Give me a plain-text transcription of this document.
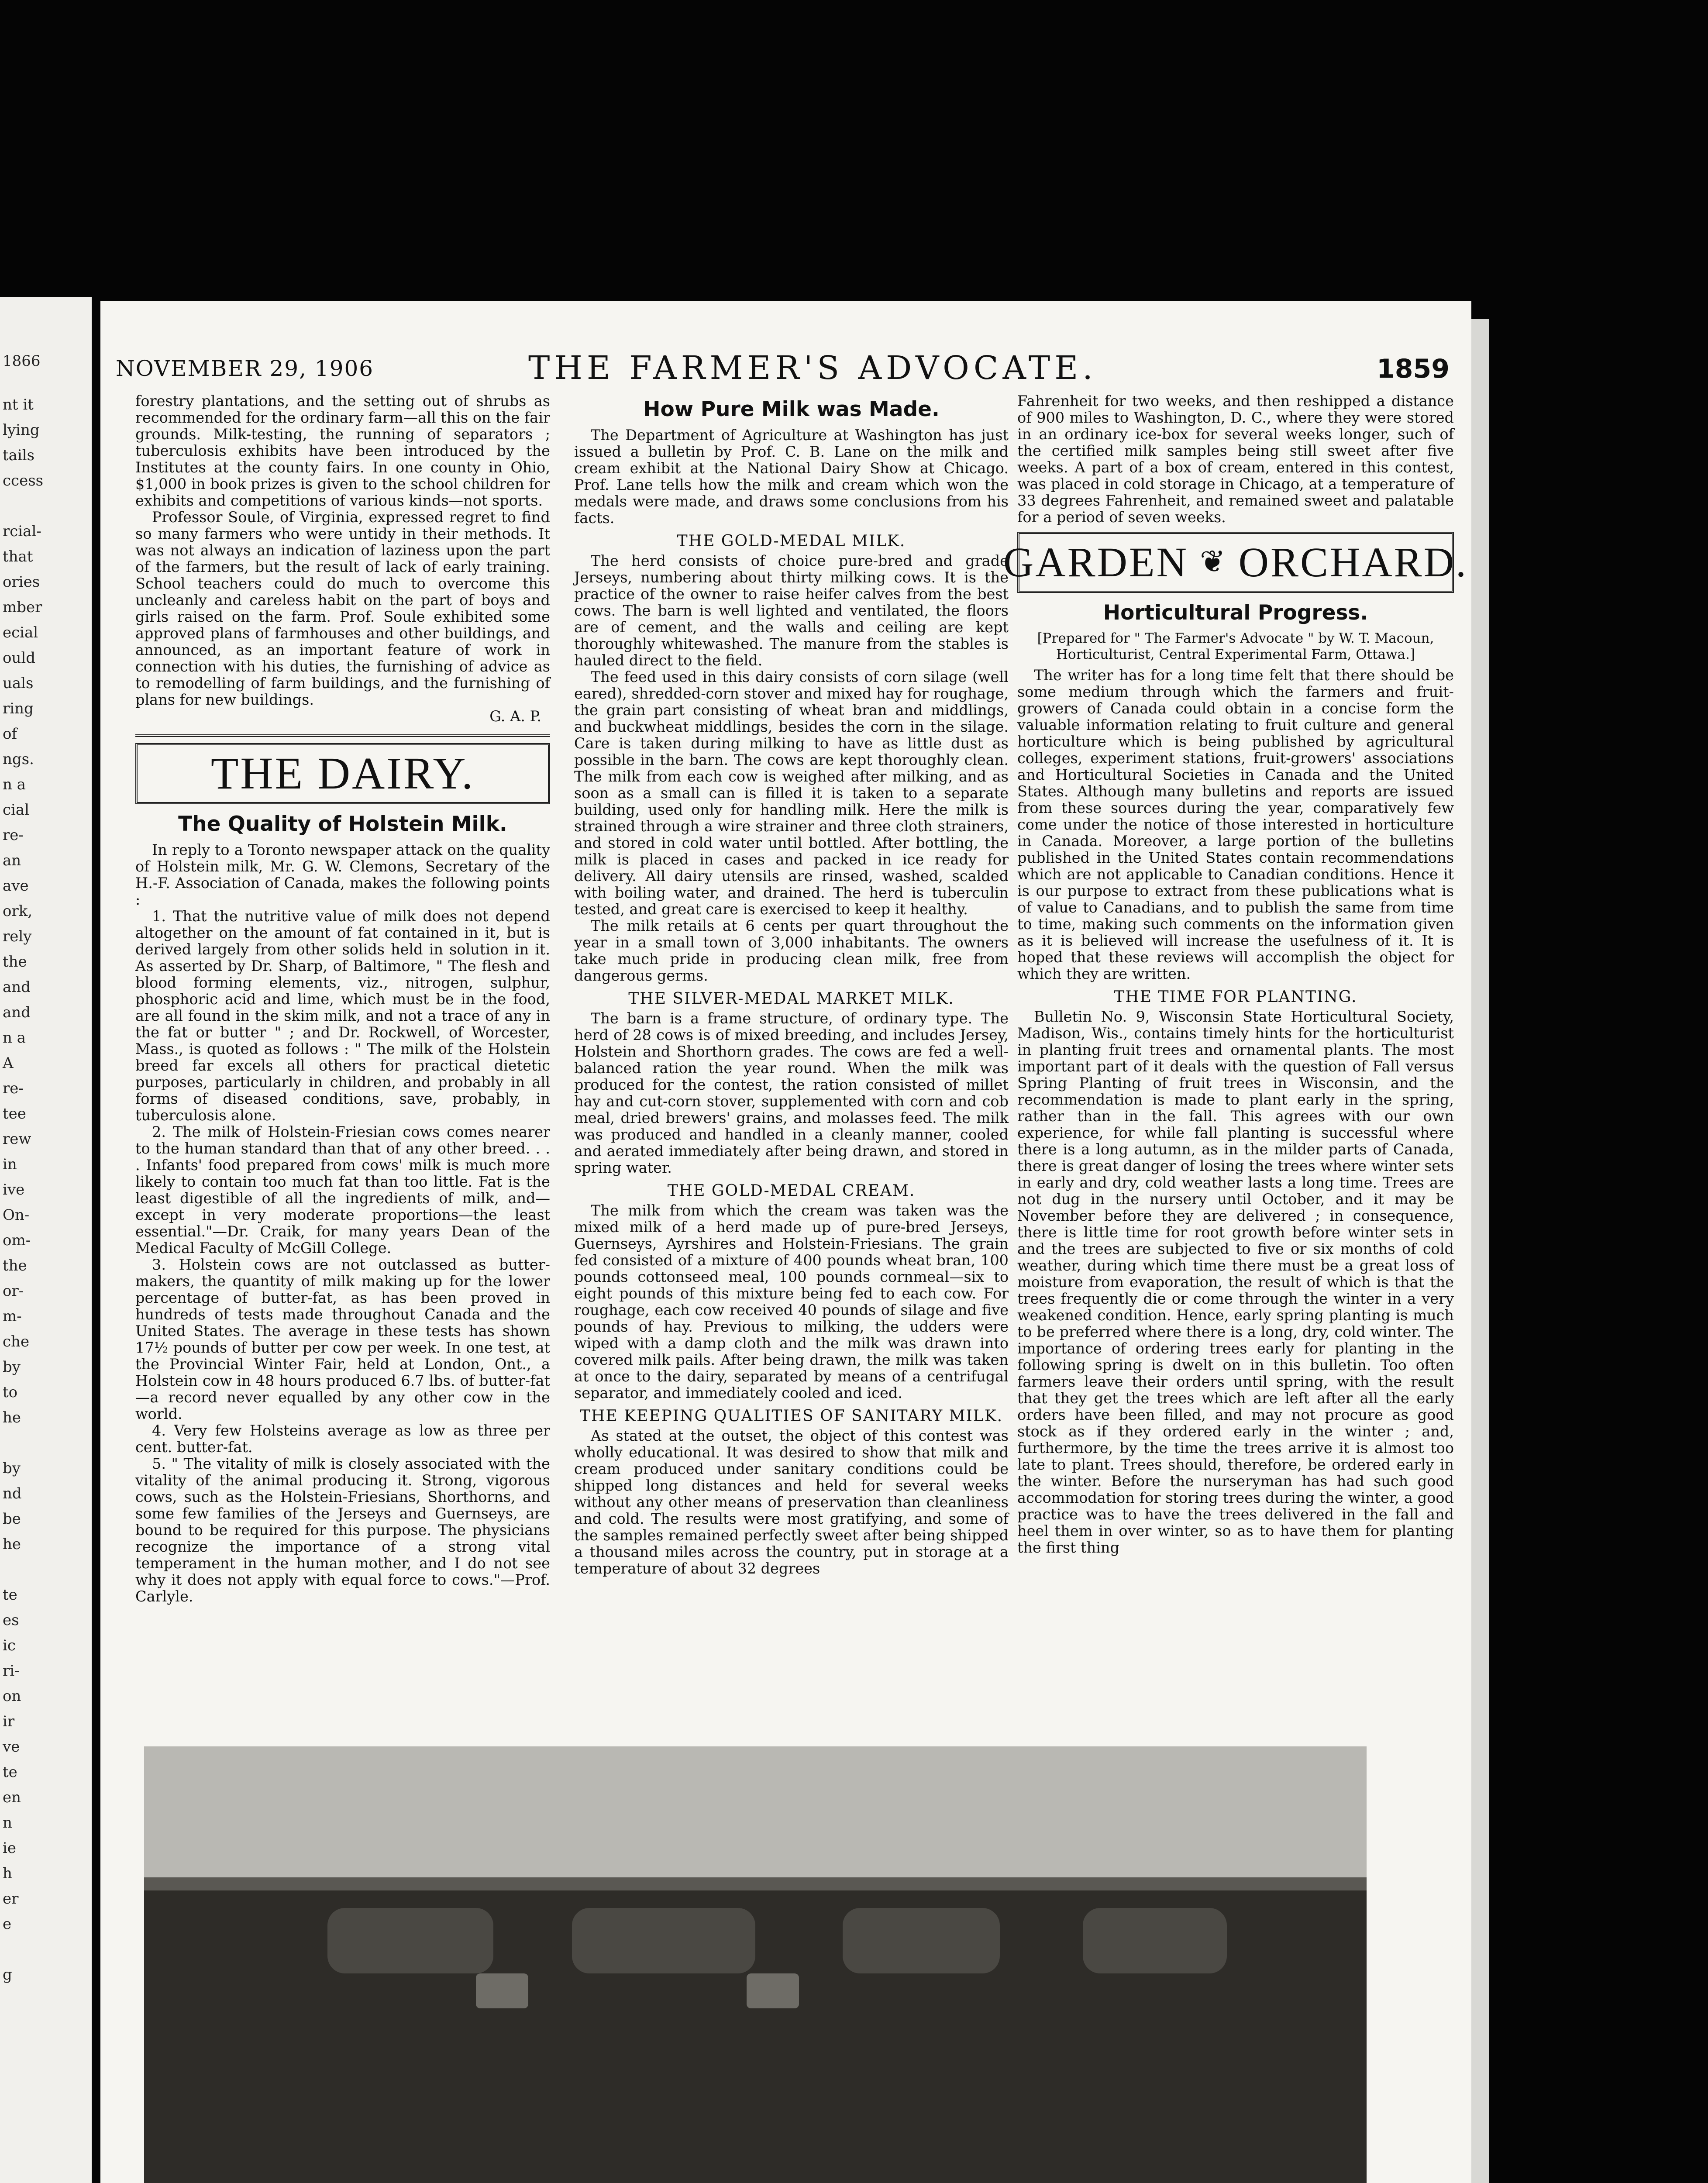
1866
nt it
lying
tails
ccess
rcial-
that
ories
mber
ecial
ould
uals
ring
of
ngs.
n a
cial
re-
an
ave
ork,
rely
the
and
and
n a
A
re-
tee
rew
in
ive
On-
om-
the
or-
m-
che
by
to
he
by
nd
be
he
te
es
ic
ri-
on
ir
ve
te
en
n
ie
h
er
e
g
NOVEMBER 29, 1906	THE FARMER'S ADVOCATE.	1859

forestry plantations, and the setting out of shrubs as recommended for the ordinary farm—all this on the fair grounds. Milk-testing, the running of separators ; tuberculosis exhibits have been introduced by the Institutes at the county fairs. In one county in Ohio, $1,000 in book prizes is given to the school children for exhibits and competitions of various kinds—not sports.

Professor Soule, of Virginia, expressed regret to find so many farmers who were untidy in their methods. It was not always an indication of laziness upon the part of the farmers, but the result of lack of early training. School teachers could do much to overcome this uncleanly and careless habit on the part of boys and girls raised on the farm. Prof. Soule exhibited some approved plans of farmhouses and other buildings, and announced, as an important feature of work in connection with his duties, the furnishing of advice as to remodelling of farm buildings, and the furnishing of plans for new buildings.

G. A. P.

THE DAIRY.
The Quality of Holstein Milk.

In reply to a Toronto newspaper attack on the quality of Holstein milk, Mr. G. W. Clemons, Secretary of the H.-F. Association of Canada, makes the following points :

1. That the nutritive value of milk does not depend altogether on the amount of fat contained in it, but is derived largely from other solids held in solution in it. As asserted by Dr. Sharp, of Baltimore, " The flesh and blood forming elements, viz., nitrogen, sulphur, phosphoric acid and lime, which must be in the food, are all found in the skim milk, and not a trace of any in the fat or butter " ; and Dr. Rockwell, of Worcester, Mass., is quoted as follows : " The milk of the Holstein breed far excels all others for practical dietetic purposes, particularly in children, and probably in all forms of diseased conditions, save, probably, in tuberculosis alone.

2. The milk of Holstein-Friesian cows comes nearer to the human standard than that of any other breed. . . . Infants' food prepared from cows' milk is much more likely to contain too much fat than too little. Fat is the least digestible of all the ingredients of milk, and—except in very moderate proportions—the least essential."—Dr. Craik, for many years Dean of the Medical Faculty of McGill College.

3. Holstein cows are not outclassed as butter-makers, the quantity of milk making up for the lower percentage of butter-fat, as has been proved in hundreds of tests made throughout Canada and the United States. The average in these tests has shown 17½ pounds of butter per cow per week. In one test, at the Provincial Winter Fair, held at London, Ont., a Holstein cow in 48 hours produced 6.7 lbs. of butter-fat—a record never equalled by any other cow in the world.

4. Very few Holsteins average as low as three per cent. butter-fat.

5. " The vitality of milk is closely associated with the vitality of the animal producing it. Strong, vigorous cows, such as the Holstein-Friesians, Shorthorns, and some few families of the Jerseys and Guernseys, are bound to be required for this purpose. The physicians recognize the importance of a strong vital temperament in the human mother, and I do not see why it does not apply with equal force to cows."—Prof. Carlyle.

How Pure Milk was Made.

The Department of Agriculture at Washington has just issued a bulletin by Prof. C. B. Lane on the milk and cream exhibit at the National Dairy Show at Chicago. Prof. Lane tells how the milk and cream which won the medals were made, and draws some conclusions from his facts.

THE GOLD-MEDAL MILK.

The herd consists of choice pure-bred and grade Jerseys, numbering about thirty milking cows. It is the practice of the owner to raise heifer calves from the best cows. The barn is well lighted and ventilated, the floors are of cement, and the walls and ceiling are kept thoroughly whitewashed. The manure from the stables is hauled direct to the field.

The feed used in this dairy consists of corn silage (well eared), shredded-corn stover and mixed hay for roughage, the grain part consisting of wheat bran and middlings, and buckwheat middlings, besides the corn in the silage. Care is taken during milking to have as little dust as possible in the barn. The cows are kept thoroughly clean. The milk from each cow is weighed after milking, and as soon as a small can is filled it is taken to a separate building, used only for handling milk. Here the milk is strained through a wire strainer and three cloth strainers, and stored in cold water until bottled. After bottling, the milk is placed in cases and packed in ice ready for delivery. All dairy utensils are rinsed, washed, scalded with boiling water, and drained. The herd is tuberculin tested, and great care is exercised to keep it healthy.

The milk retails at 6 cents per quart throughout the year in a small town of 3,000 inhabitants. The owners take much pride in producing clean milk, free from dangerous germs.

THE SILVER-MEDAL MARKET MILK.

The barn is a frame structure, of ordinary type. The herd of 28 cows is of mixed breeding, and includes Jersey, Holstein and Shorthorn grades. The cows are fed a well-balanced ration the year round. When the milk was produced for the contest, the ration consisted of millet hay and cut-corn stover, supplemented with corn and cob meal, dried brewers' grains, and molasses feed. The milk was produced and handled in a cleanly manner, cooled and aerated immediately after being drawn, and stored in spring water.

THE GOLD-MEDAL CREAM.

The milk from which the cream was taken was the mixed milk of a herd made up of pure-bred Jerseys, Guernseys, Ayrshires and Holstein-Friesians. The grain fed consisted of a mixture of 400 pounds wheat bran, 100 pounds cottonseed meal, 100 pounds cornmeal—six to eight pounds of this mixture being fed to each cow. For roughage, each cow received 40 pounds of silage and five pounds of hay. Previous to milking, the udders were wiped with a damp cloth and the milk was drawn into covered milk pails. After being drawn, the milk was taken at once to the dairy, separated by means of a centrifugal separator, and immediately cooled and iced.

THE KEEPING QUALITIES OF SANITARY MILK.

As stated at the outset, the object of this contest was wholly educational. It was desired to show that milk and cream produced under sanitary conditions could be shipped long distances and held for several weeks without any other means of preservation than cleanliness and cold. The results were most gratifying, and some of the samples remained perfectly sweet after being shipped a thousand miles across the country, put in storage at a temperature of about 32 degrees

Fahrenheit for two weeks, and then reshipped a distance of 900 miles to Washington, D. C., where they were stored in an ordinary ice-box for several weeks longer, such of the certified milk samples being still sweet after five weeks. A part of a box of cream, entered in this contest, was placed in cold storage in Chicago, at a temperature of 33 degrees Fahrenheit, and remained sweet and palatable for a period of seven weeks.

GARDEN ❦ ORCHARD.
Horticultural Progress.
[Prepared for " The Farmer's Advocate " by W. T. Macoun, Horticulturist, Central Experimental Farm, Ottawa.]

The writer has for a long time felt that there should be some medium through which the farmers and fruit-growers of Canada could obtain in a concise form the valuable information relating to fruit culture and general horticulture which is being published by agricultural colleges, experiment stations, fruit-growers' associations and Horticultural Societies in Canada and the United States. Although many bulletins and reports are issued from these sources during the year, comparatively few come under the notice of those interested in horticulture in Canada. Moreover, a large portion of the bulletins published in the United States contain recommendations which are not applicable to Canadian conditions. Hence it is our purpose to extract from these publications what is of value to Canadians, and to publish the same from time to time, making such comments on the information given as it is believed will increase the usefulness of it. It is hoped that these reviews will accomplish the object for which they are written.

THE TIME FOR PLANTING.

Bulletin No. 9, Wisconsin State Horticultural Society, Madison, Wis., contains timely hints for the horticulturist in planting fruit trees and ornamental plants. The most important part of it deals with the question of Fall versus Spring Planting of fruit trees in Wisconsin, and the recommendation is made to plant early in the spring, rather than in the fall. This agrees with our own experience, for while fall planting is successful where there is a long autumn, as in the milder parts of Canada, there is great danger of losing the trees where winter sets in early and dry, cold weather lasts a long time. Trees are not dug in the nursery until October, and it may be November before they are delivered ; in consequence, there is little time for root growth before winter sets in and the trees are subjected to five or six months of cold weather, during which time there must be a great loss of moisture from evaporation, the result of which is that the trees frequently die or come through the winter in a very weakened condition. Hence, early spring planting is much to be preferred where there is a long, dry, cold winter. The importance of ordering trees early for planting in the following spring is dwelt on in this bulletin. Too often farmers leave their orders until spring, with the result that they get the trees which are left after all the early orders have been filled, and may not procure as good stock as if they ordered early in the winter ; and, furthermore, by the time the trees arrive it is almost too late to plant. Trees should, therefore, be ordered early in the winter. Before the nurseryman has had such good accommodation for storing trees during the winter, a good practice was to have the trees delivered in the fall and heel them in over winter, so as to have them for planting the first thing
